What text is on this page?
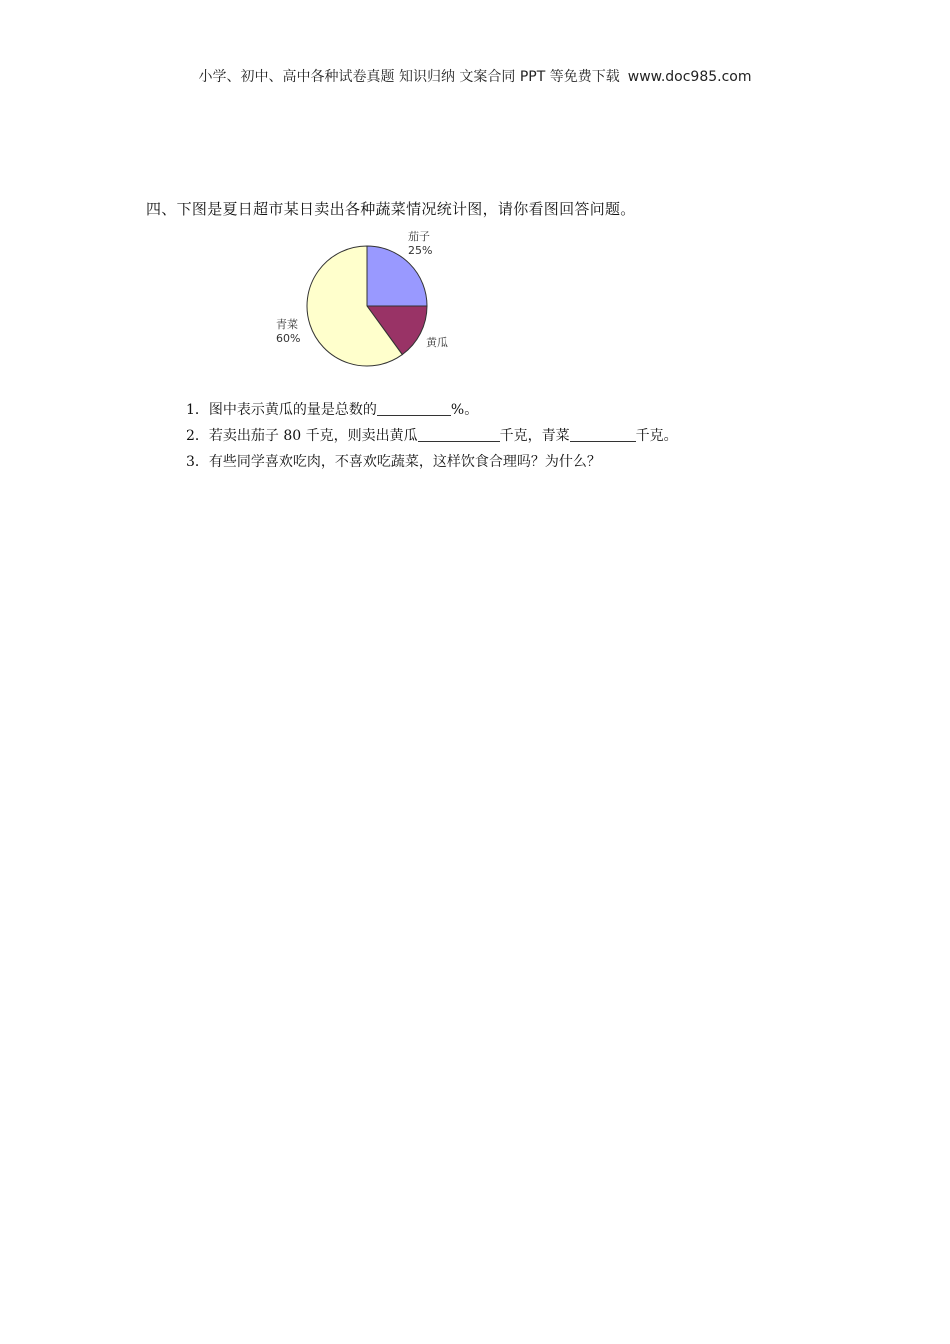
小学、初中、高中各种试卷真题 知识归纳 文案合同 PPT 等免费下载 www.doc985.com
四、下图是夏日超市某日卖出各种蔬菜情况统计图，请你看图回答问题。
茄子
25%
黄瓜
青菜
60%
1．图中表示黄瓜的量是总数的	%。
2．若卖出茄子 80 千克，则卖出黄瓜	千克，青菜	千克。
3．有些同学喜欢吃肉，不喜欢吃蔬菜，这样饮食合理吗？为什么？
